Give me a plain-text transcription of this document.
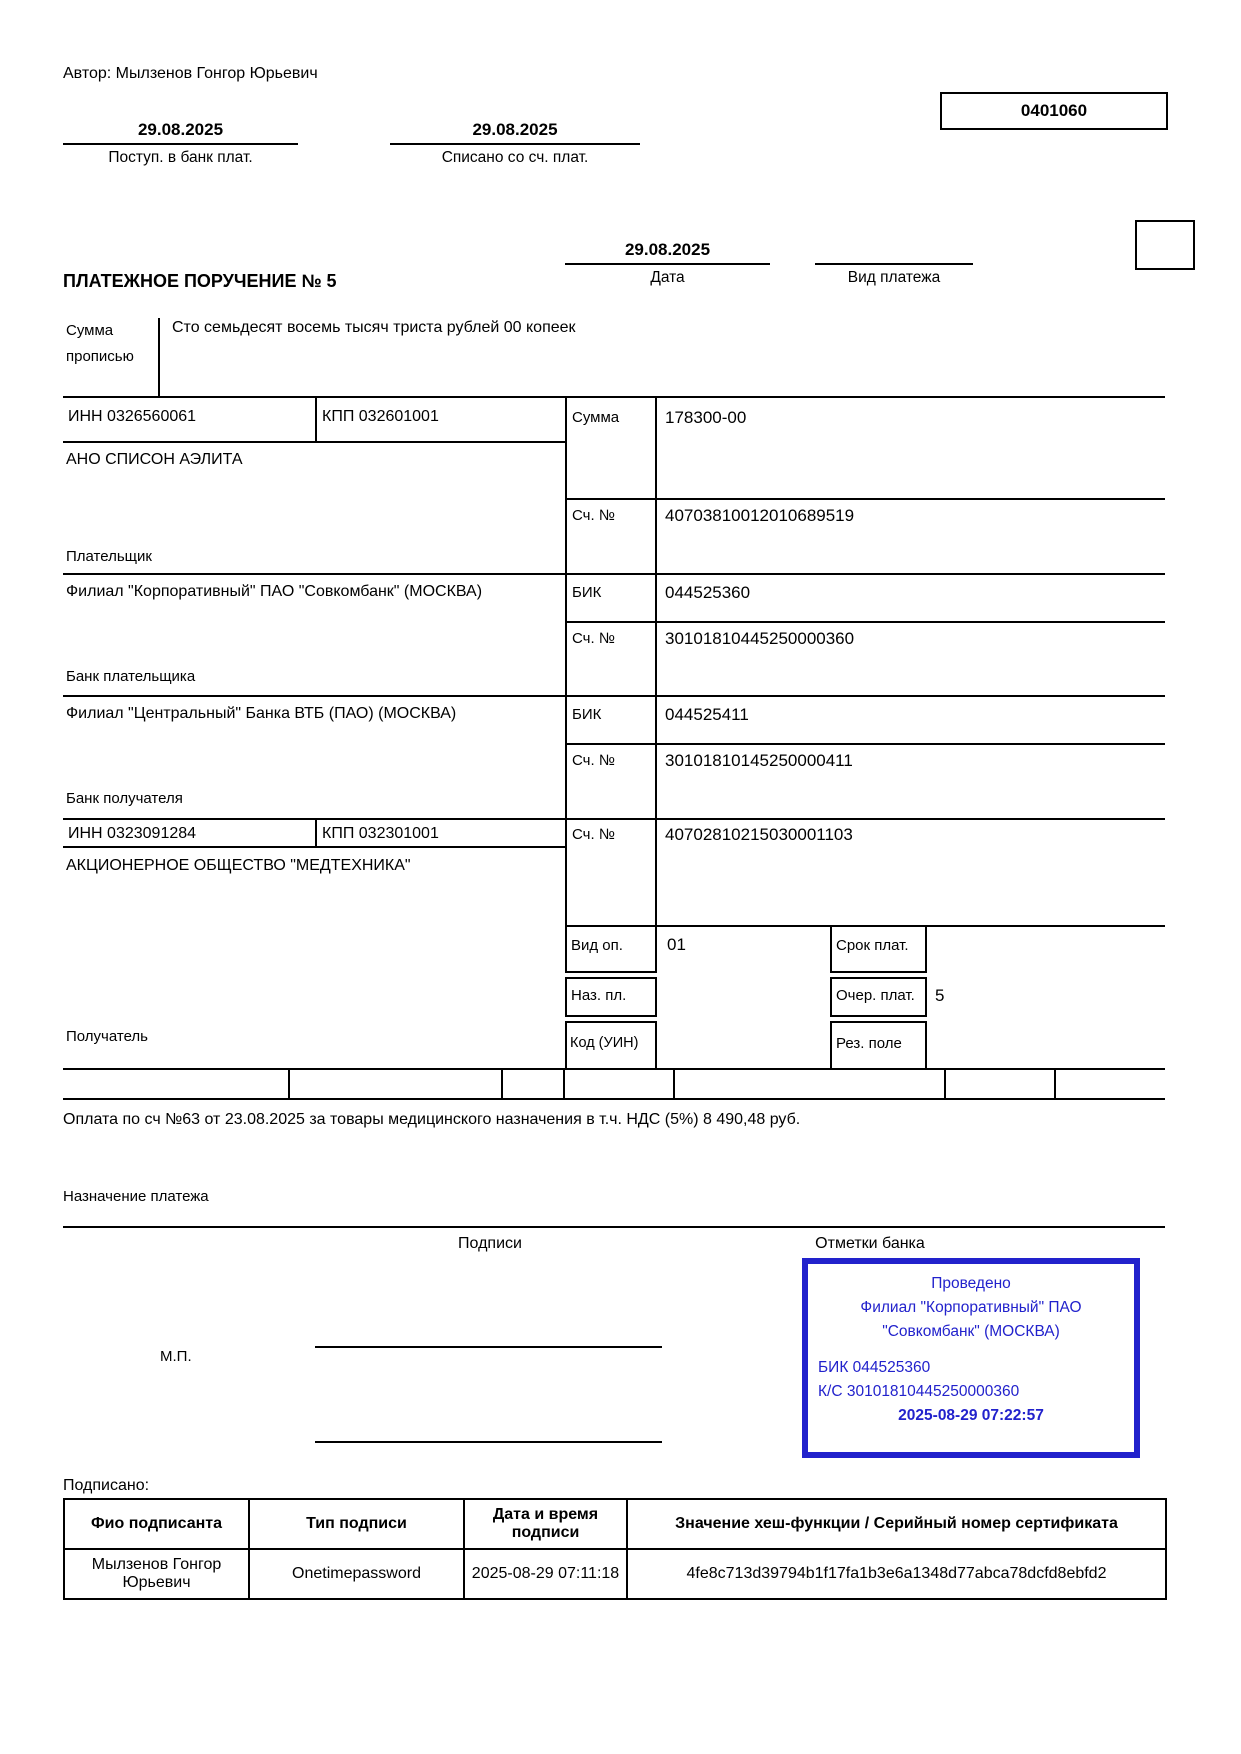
Автор: Мылзенов Гонгор Юрьевич
0401060
29.08.2025
Поступ. в банк плат.
29.08.2025
Списано со сч. плат.
ПЛАТЕЖНОЕ ПОРУЧЕНИЕ № 5
29.08.2025
Дата
	Вид платежа
Сумма прописью
Сто семьдесят восемь тысяч триста рублей 00 копеек
ИНН 0326560061	КПП 032601001	Сумма	178300-00
АНО СПИСОН АЭЛИТА
Плательщик
Сч. №	40703810012010689519
Филиал "Корпоративный" ПАО "Совкомбанк" (МОСКВА)	БИК	044525360
Сч. №	30101810445250000360
Банк плательщика
Филиал "Центральный" Банка ВТБ (ПАО) (МОСКВА)	БИК	044525411
Сч. №	30101810145250000411
Банк получателя
ИНН 0323091284	КПП 032301001	Сч. №	40702810215030001103
АКЦИОНЕРНОЕ ОБЩЕСТВО "МЕДТЕХНИКА"
Получатель
Вид оп.	01	Срок плат.
Наз. пл.	Очер. плат.	5
Код (УИН)	Рез. поле
Оплата по сч №63 от 23.08.2025 за товары медицинского назначения в т.ч. НДС (5%) 8 490,48 руб.
Назначение платежа
Подписи	Отметки банка
Проведено
Филиал "Корпоративный" ПАО
"Совкомбанк" (МОСКВА)
БИК 044525360
К/С 30101810445250000360
2025-08-29 07:22:57
М.П.
Подписано:
Фио подписанта	Тип подписи	Дата и время подписи	Значение хеш-функции / Серийный номер сертификата
Мылзенов Гонгор Юрьевич	Onetimepassword	2025-08-29 07:11:18	4fe8c713d39794b1f17fa1b3e6a1348d77abca78dcfd8ebfd2
